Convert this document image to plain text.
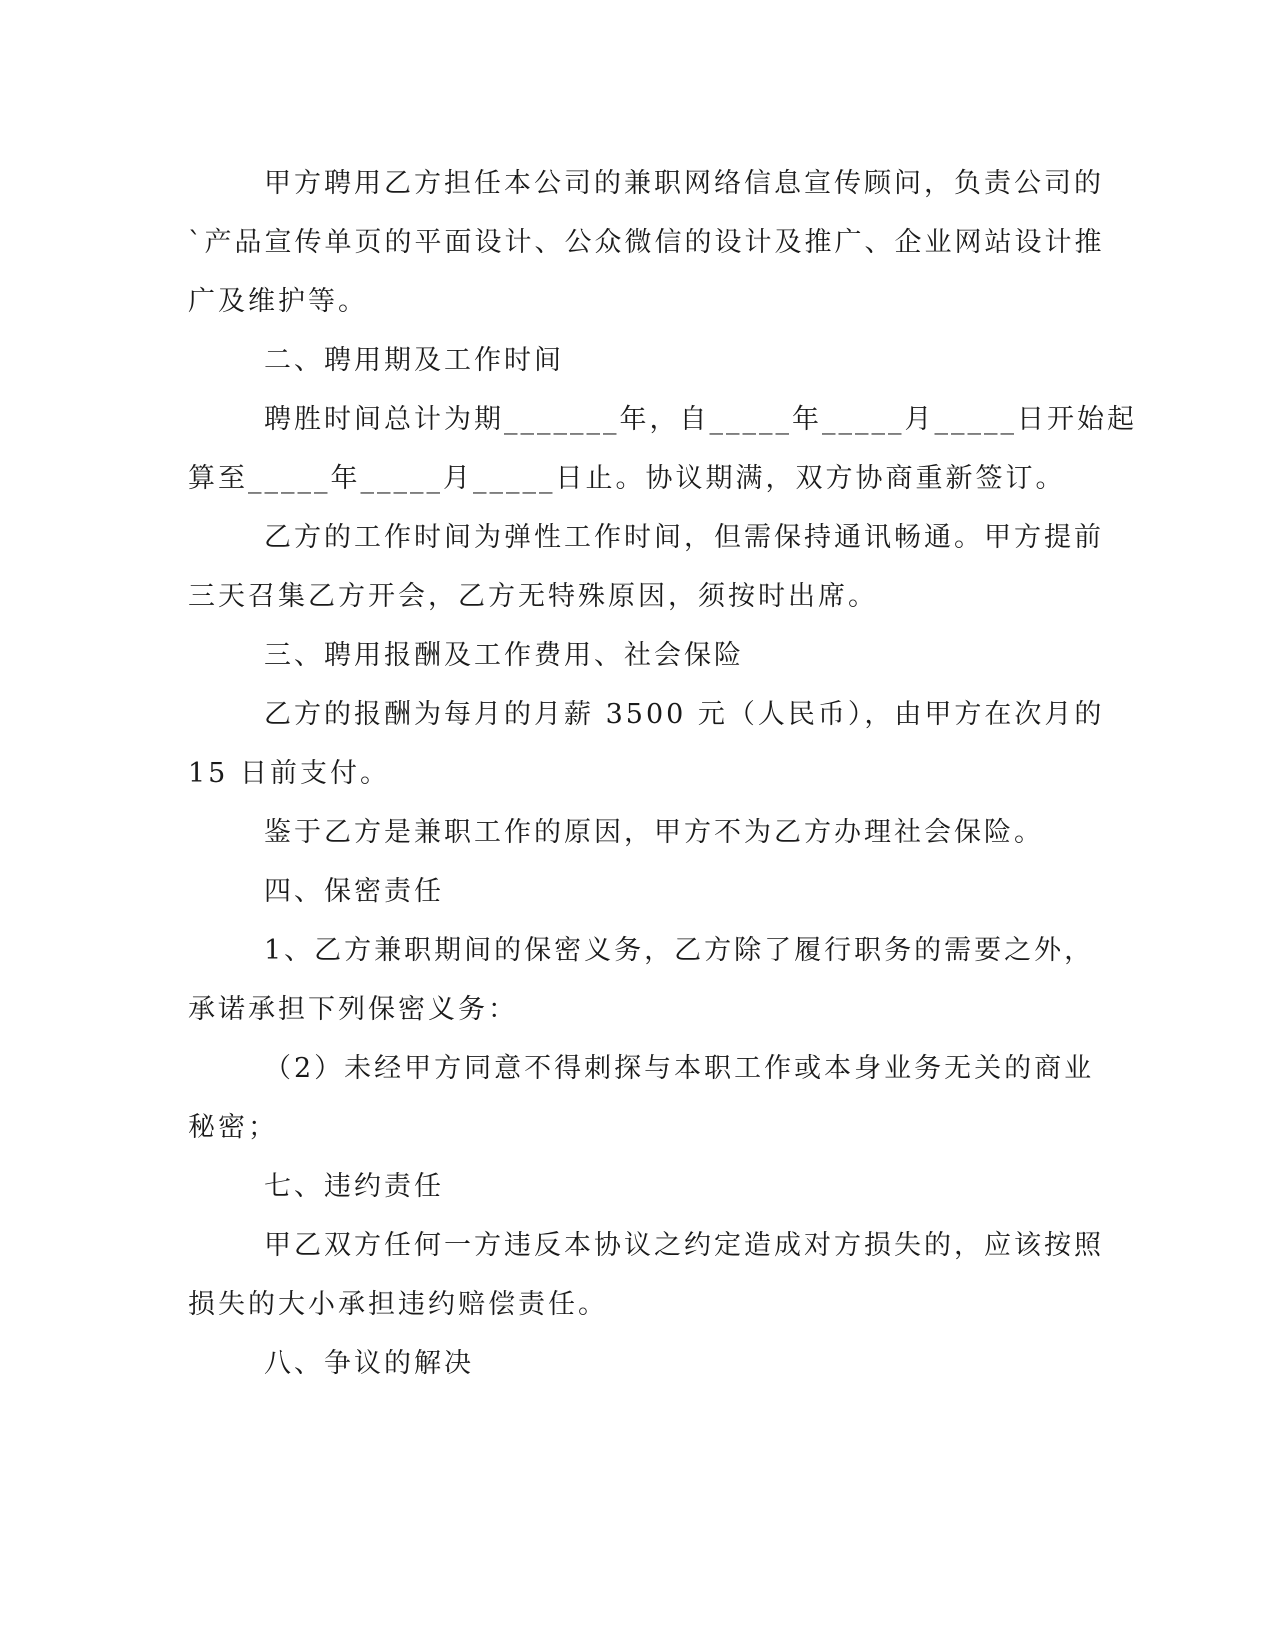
甲方聘用乙方担任本公司的兼职网络信息宣传顾问，负责公司的
`产品宣传单页的平面设计、公众微信的设计及推广、企业网站设计推
广及维护等。
二、聘用期及工作时间
聘胜时间总计为期_______年，自_____年_____月_____日开始起
算至_____年_____月_____日止。协议期满，双方协商重新签订。
乙方的工作时间为弹性工作时间，但需保持通讯畅通。甲方提前
三天召集乙方开会，乙方无特殊原因，须按时出席。
三、聘用报酬及工作费用、社会保险
乙方的报酬为每月的月薪 3500 元（人民币），由甲方在次月的
15 日前支付。
鉴于乙方是兼职工作的原因，甲方不为乙方办理社会保险。
四、保密责任
1、乙方兼职期间的保密义务，乙方除了履行职务的需要之外，
承诺承担下列保密义务：
（2）未经甲方同意不得刺探与本职工作或本身业务无关的商业
秘密；
七、违约责任
甲乙双方任何一方违反本协议之约定造成对方损失的，应该按照
损失的大小承担违约赔偿责任。
八、争议的解决
